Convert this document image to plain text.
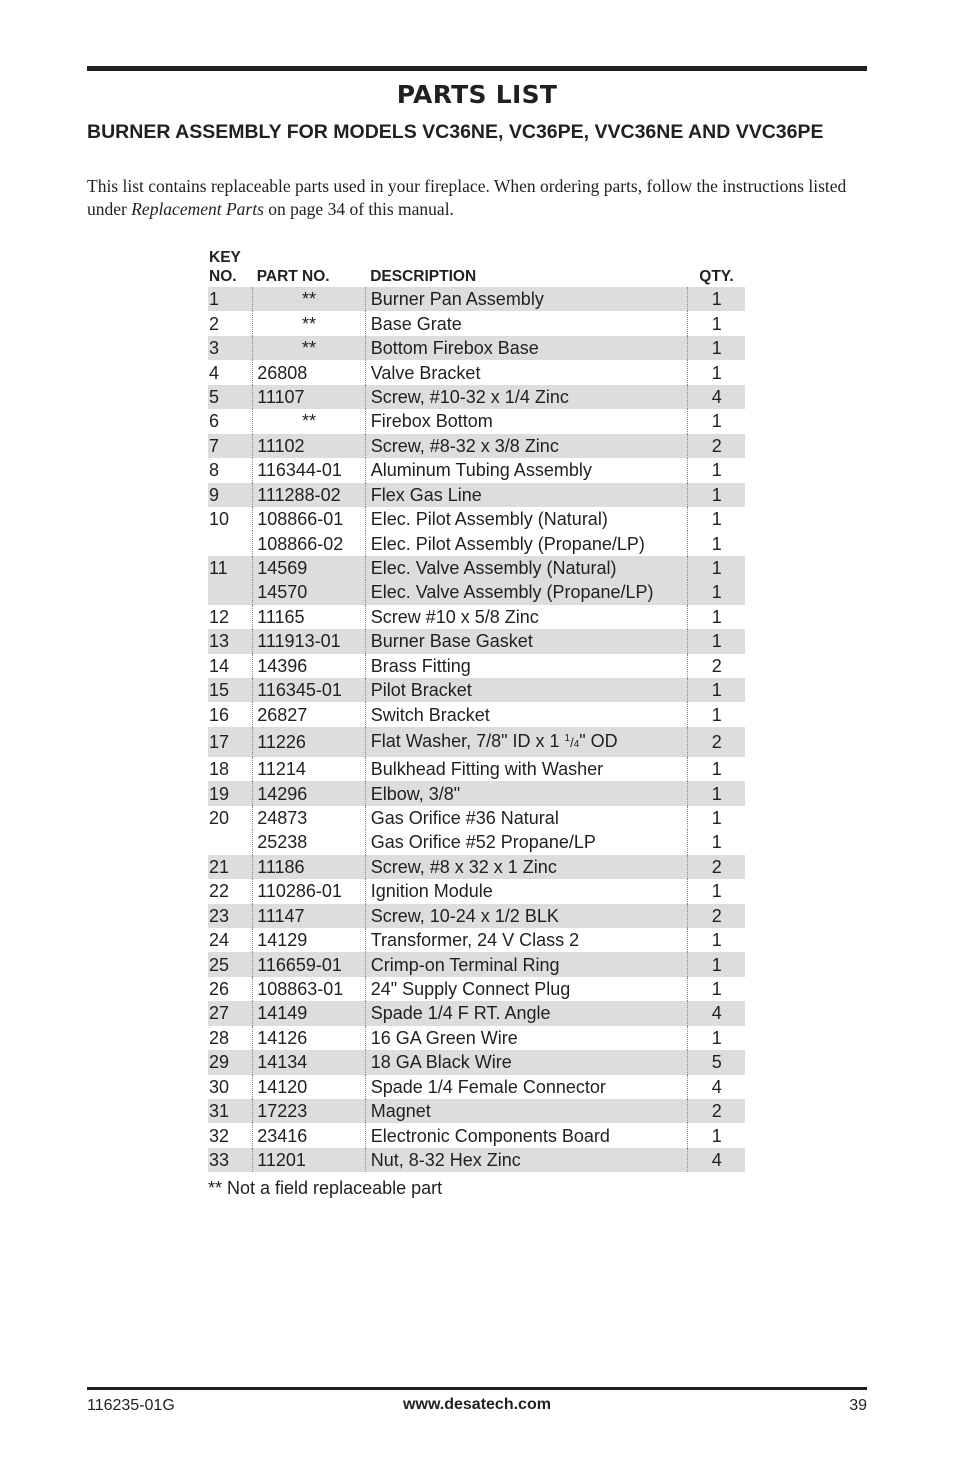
PARTS LIST
BURNER ASSEMBLY FOR MODELS VC36NE, VC36PE, VVC36NE AND VVC36PE
This list contains replaceable parts used in your fireplace. When ordering parts, follow the instructions listed under Replacement Parts on page 34 of this manual.
KEY
NO.	PART NO.	DESCRIPTION	QTY.
1	**	Burner Pan Assembly	1
2	**	Base Grate	1
3	**	Bottom Firebox Base	1
4	26808	Valve Bracket	1
5	11107	Screw, #10-32 x 1/4 Zinc	4
6	**	Firebox Bottom	1
7	11102	Screw, #8-32 x 3/8 Zinc	2
8	116344-01	Aluminum Tubing Assembly	1
9	111288-02	Flex Gas Line	1
10	108866-01	Elec. Pilot Assembly (Natural)	1
	108866-02	Elec. Pilot Assembly (Propane/LP)	1
11	14569	Elec. Valve Assembly (Natural)	1
	14570	Elec. Valve Assembly (Propane/LP)	1
12	11165	Screw #10 x 5/8 Zinc	1
13	111913-01	Burner Base Gasket	1
14	14396	Brass Fitting	2
15	116345-01	Pilot Bracket	1
16	26827	Switch Bracket	1
17	11226	Flat Washer, 7/8" ID x 1 $^1$/4" OD	2
18	11214	Bulkhead Fitting with Washer	1
19	14296	Elbow, 3/8"	1
20	24873	Gas Orifice #36 Natural	1
	25238	Gas Orifice #52 Propane/LP	1
21	11186	Screw, #8 x 32 x 1 Zinc	2
22	110286-01	Ignition Module	1
23	11147	Screw, 10-24 x 1/2 BLK	2
24	14129	Transformer, 24 V Class 2	1
25	116659-01	Crimp-on Terminal Ring	1
26	108863-01	24" Supply Connect Plug	1
27	14149	Spade 1/4 F RT. Angle	4
28	14126	16 GA Green Wire	1
29	14134	18 GA Black Wire	5
30	14120	Spade 1/4 Female Connector	4
31	17223	Magnet	2
32	23416	Electronic Components Board	1
33	11201	Nut, 8-32 Hex Zinc	4
** Not a field replaceable part
116235-01G	www.desatech.com	39
